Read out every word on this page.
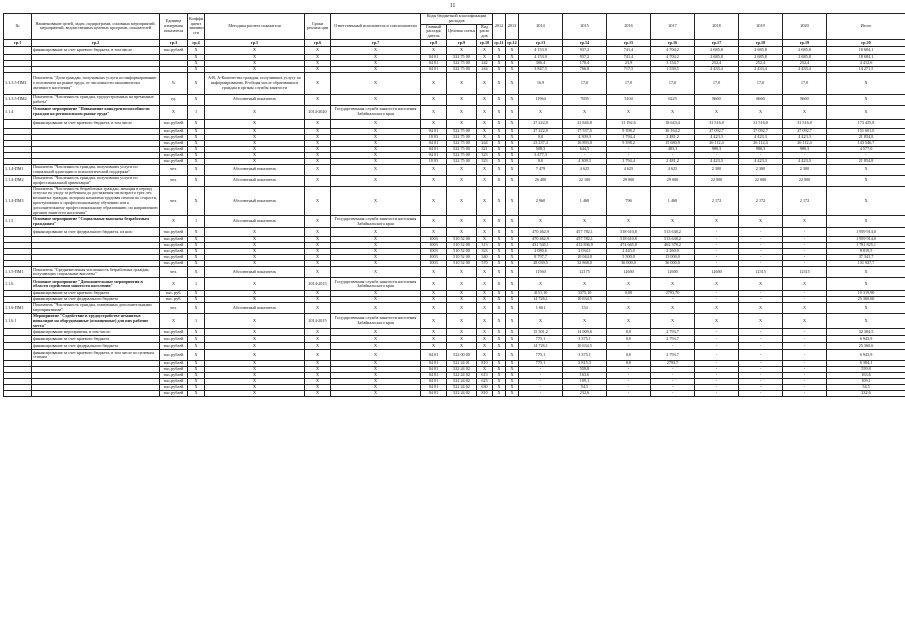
11
№	Наименование целей, задач, подпрограмм, основных мероприятий, мероприятий, ведомственных целевых программ, показателей	Единица измерения показателя	Коэффи циент значимо сти	Методика расчета показателя	Сроки реализа ции	Ответственный исполнитель и соисполнители	Коды бюджетной классификации расходов			2012	2013	2014	2015	2016	2017	2018	2019	2020	Итого
							Главный распоря дитель	Целевая статья	Вид расхо дов										

гр.1	гр.2	гр.3	гр.4	гр.5	гр.6	гр.7	гр.8	гр.9	гр.10	гр.11	гр.12	гр.13	гр.14	гр.15	гр.16	гр.17	гр.18	гр.19	гр.20
	финансирование за счет краевого бюджета, в том числе	тыс.рублей	X	X	X	X	X	X	X	X	X	4 153,9	937,2	741,4	4 704,2	2 685,8	2 685,8	2 685,8	18 684,1
			X	X	X	X	04 01	522 75 00	X	X	X	4 153,9	937,2	741,4	4 704,2	2 685,8	2 685,8	2 685,8	18 684,1
			X	X	X	X	04 01	522 75 00	242	X	X	306,4	170,4	23,9	3 154,7	252,4	252,4	252,4	4 412,6
			X	X	X	X	04 01	522 75 00	244	X	X	3 847,5	766,8	717,5	1 539,5	2 433,4	2 433,4	2 433,4	14 271,5
1.1.3.5-ПМ1	Показатель "Доля граждан, получивших услуги по информированию о положении на рынке труда, от численности экономически активного населения"	%	X	А/В, А-Количество граждан, получивших услугу по информированию, В-общая числе обратившихся граждан в органы службы занятости	X	X	X	X	X	X	X	16,9	17,0	17,0	17,0	17,0	17,0	17,0	X
1.1.3.5-ПМ2	Показатель "Численность граждан, трудоустроенных на временные работы"	ед.	X	Абсолютный показатель	X	X	X	X	X	X	X	11964	7695	5104	6225	8660	8660	8660	X
1.1.4	Основное мероприятие "Повышение конкурентоспособности граждан на региональном рынке труда"	X	1	X	2014-2020	Государственная служба занятости населения Забайкальского края	X	X	X	X	X	X	X	X	X	X	X	X	X
	финансирование за счет краевого бюджета, в том числе	тыс.рублей	X	X	X	X	X	X	X	X	X	27 222,0	21 846,8	11 192,6	18 643,4	31 516,0	31 516,0	31 516,0	173 455,8
		тыс.рублей	X	X	X	X	04 01	522 75 00	X	X	X	27 222,0	17 537,5	9 398,2	16 164,2	27 092,7	27 092,7	27 092,7	151 601,0
		тыс.рублей	X	X	X	X	10 03	522 75 00	X	X	X	0,0	4 309,3	1 794,4	2 481,2	4 423,3	4 423,3	4 423,3	21 854,8
		тыс.рублей	X	X	X	X	04 01	522 75 00	244	X	X	23 237,4	16 893,0	9 398,2	15 680,9	26 112,4	26 112,4	26 112,4	143 546,7
		тыс.рублей	X	X	X	X	04 01	522 75 00	321	X	X	508,3	644,5	-	483,3	980,3	980,3	980,3	4 577,0
		тыс.рублей	X	X	X	X	04 01	522 75 00	323	X	X	3 477,3	-	-	-	-	-	-	-
		тыс.рублей	X	X	X	X	10 03	522 75 00	323	X	X	0,0	4 309,3	1 794,4	2 481,2	4 423,3	4 423,3	4 423,3	21 854,8
1.1.4-ПМ1	Показатель "Численность граждан, получивших услуги по социальной адаптации и психологической поддержке"	чел.	X	Абсолютный показатель	X	X	X	X	X	X	X	7 479	4 625	4 625	4 625	2 300	2 300	2 300	X
1.1.4-ПМ2	Показатель "Численность граждан, получивших услуги по профессиональной ориентации"	чел.	X	Абсолютный показатель	X	X	X	X	X	X	X	26 400	22 100	29 000	29 000	22 000	22 000	22 000	X
1.1.4-ПМ3	Показатель "Численность безработных граждан, женщин в период отпуска по уходу за ребенком до достижения им возраста трех лет, незанятых граждан, которым назначена трудовая пенсия по старости, приступивших к профессиональному обучению или к дополнительному профессиональному образованию, по направлению органов занятости населения"	чел.	X	Абсолютный показатель	X	X	X	X	X	X	X	2 960	1 468	796	1 468	2 172	2 172	2 172	X
1.1.5	Основное мероприятие "Социальные выплаты безработным гражданам"	X	1	Абсолютный показатель	X	Государственная служба занятости населения Забайкальского края	X	X	X	X	X	X	X	X	X	X	X	X	X
	финансирование за счет федерального бюджета, из них:	тыс.рублей	X	X	X	X	X	X	X	X	X	470 462,9	457 782,1	518 610,8	513 638,2	-	-	-	1 959 914,0
		тыс.рублей	X	X	X	X	1003	510 52 00	X	X	X	470 462,9	457 782,1	518 610,8	513 638,2	-	-	-	1 959 914,0
		тыс.рублей	X	X	X	X	1003	510 52 00	313	X	X	431 545,1	412 836,9	474 665,8	462 378,2	-	-	-	1 781 825,1
		тыс.рублей	X	X	X	X	1003	510 52 00	323	X	X	2 080,6	2 034,1	2 445,0	2 260,0	-	-	-	8 819,5
		тыс.рублей	X	X	X	X	1003	510 52 00	340	X	X	8 797,7	10 044,0	5 500,0	13 000,0	-	-	-	37 341,7
		тыс.рублей	X	X	X	X	1003	510 52 00	570	X	X	28 039,5	32 868,0	36 000,0	36 000,0	-	-	-	131 927,7
1.1.5-ПМ1	Показатель "Среднемесячная численность безработных граждан, получающих социальные выплаты"	чел.	X	Абсолютный показатель	X	X	X	X	X	X	X	11560	12175	12600	12600	12600	12315	12315	X
1.1.6	Основное мероприятие "Дополнительные мероприятия в области содействия занятости населения"	X	1	X	2014-2015	Государственная служба занятости населения Забайкальского края	X	X	X	X	X	X	X	X	X	X	X	X	X
	финансирование за счет краевого бюджета	тыс. руб.	X	X	X	X	X	X	X	X	X	4151,10	3375,10	0,00	2793,70	-	-	-	10 319,90
	финансирование за счет федерального бюджета	тыс. руб.	X	X	X	X	X	X	X	X	X	14 726,1	10 634,5	-	-	-	-	-	25 360,60
1.1.6-ПМ1	Показатель "Численность граждан, охваченных дополнительными мероприятиями"	чел.	X	Абсолютный показатель	X	X	X	X	X	X	X	1 661	154	X	X	X	X	X	X
1.1.6.1	Мероприятие "Содействие в трудоустройстве незанятых инвалидов на оборудованные (оснащенные) для них рабочие места"	X	1	X	2014-2015	Государственная служба занятости населения Забайкальского края	X	X	X	X	X	X	X	X	X	X	X	X	X
	финансирование мероприятия, в том числе:	тыс.рублей	X	X	X	X	X	X	X	X	X	15 501,2	14 009,6	0,0	2 793,7	-	-	-	32 304,5
	финансирование за счет краевого бюджета	тыс.рублей	X	X	X	X	X	X	X	X	X	775,1	3 375,1	0,0	2 793,7	-	-	-	6 943,9
	финансирование за счет федерального бюджета	тыс.рублей	X	X	X	X	X	X	X	X	X	14 726,1	10 634,5	-	-	-	-	-	25 360,6
	финансирование за счет краевого бюджета, в том числе по целевым статьям	тыс.рублей	X	X	X	X	04 01	522 00 00	X	X	X	775,1	3 375,1	0,0	2 793,7	-	-	-	6 943,9
		тыс.рублей	X	X	X	X	04 01	522 24 01	810	X	X	775,1	2 815,3	0,0	2793,7	-	-	-	6 384,1
		тыс.рублей	X	X	X	X	04 01	522 24 02	X	X	X	-	559,8	-	-	-	-	-	559,8
		тыс.рублей	X	X	X	X	04 01	522 24 02	613	X	X	-	163,6	-	-	-	-	-	163,6
		тыс.рублей	X	X	X	X	04 01	522 24 02	623	X	X	-	109,1	-	-	-	-	-	109,1
		тыс.рублей	X	X	X	X	04 01	522 24 02	630	X	X	-	54,5	-	-	-	-	-	54,5
		тыс.рублей	X	X	X	X	04 01	522 24 02	810	X	X	-	232,6	-	-	-	-	-	232,6
